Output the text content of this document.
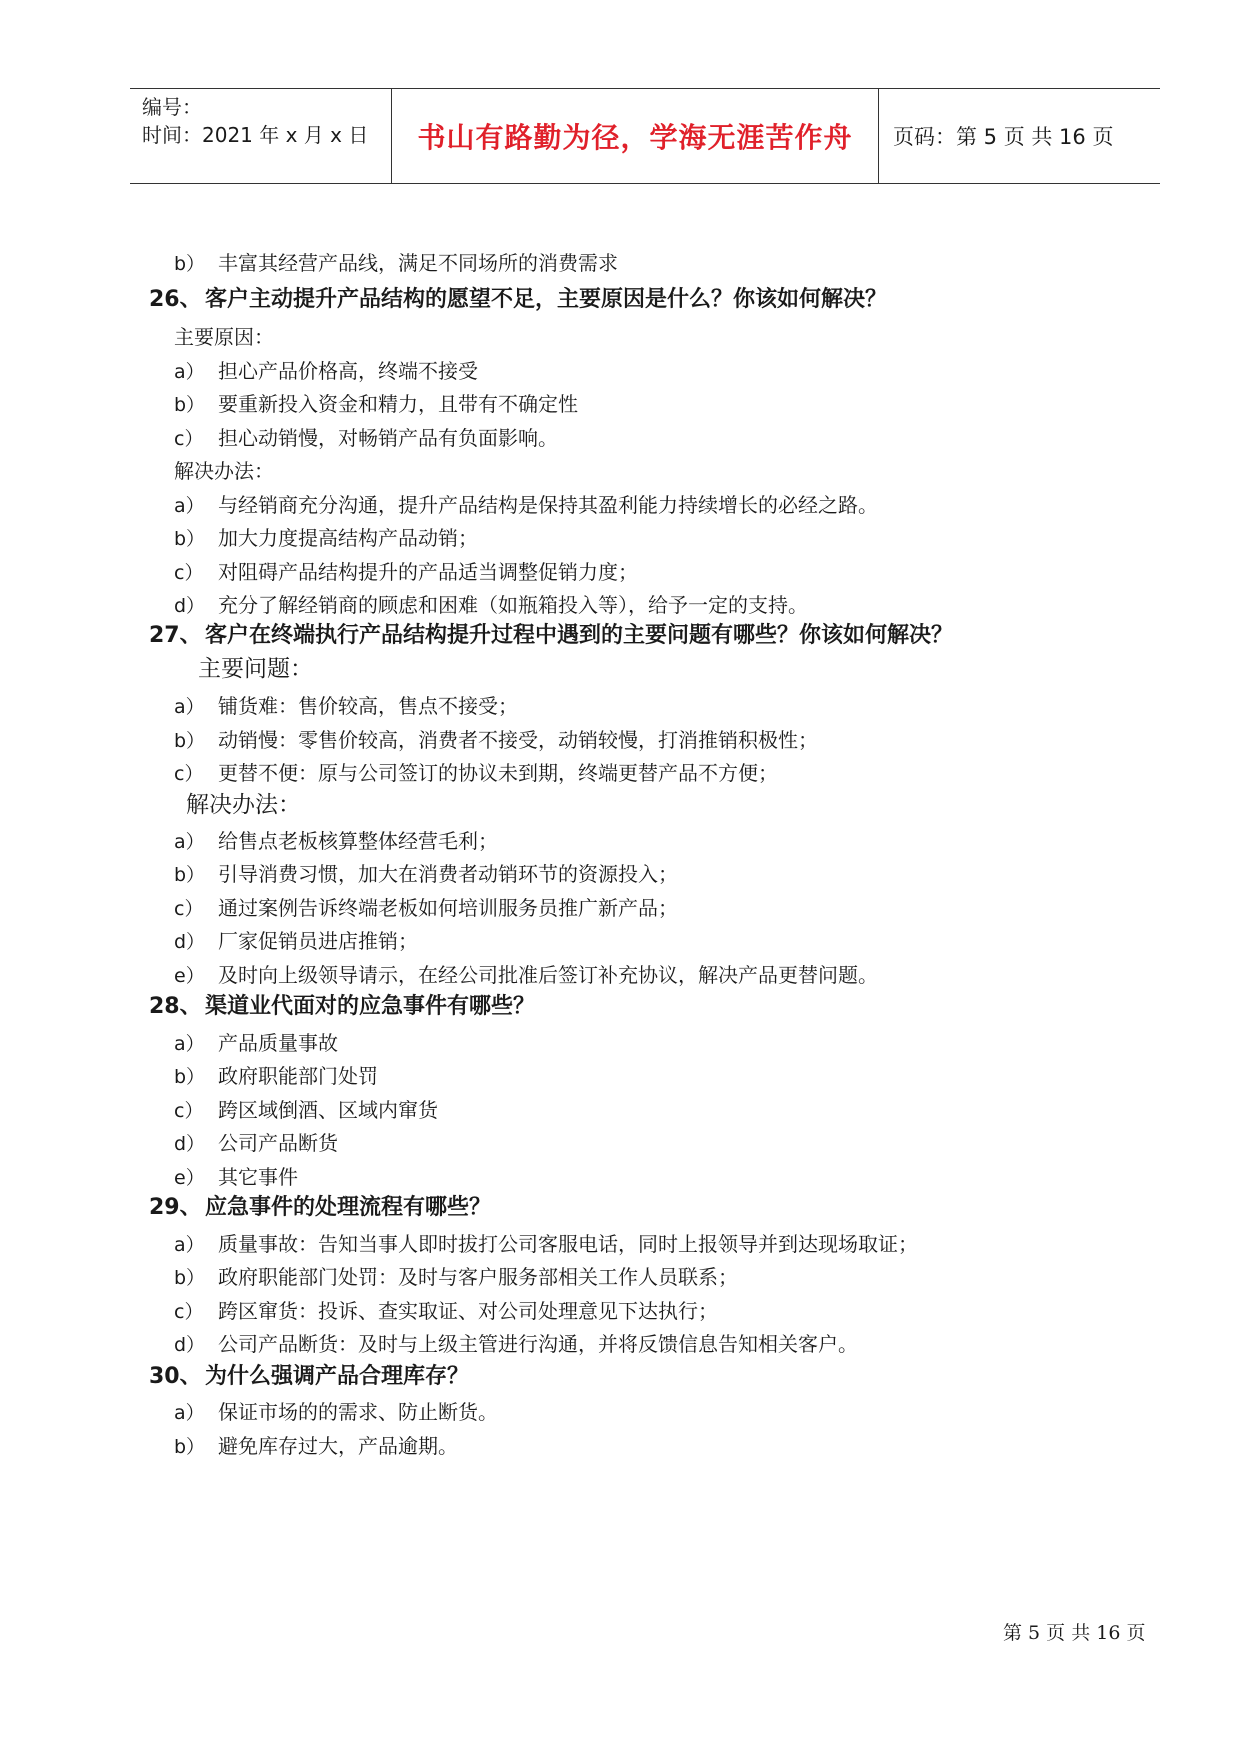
编号：
时间：2021 年 x 月 x 日	书山有路勤为径，学海无涯苦作舟	页码：第 5 页 共 16 页
b） 丰富其经营产品线，满足不同场所的消费需求
26、 客户主动提升产品结构的愿望不足，主要原因是什么？你该如何解决？
主要原因：
a） 担心产品价格高，终端不接受
b） 要重新投入资金和精力，且带有不确定性
c） 担心动销慢，对畅销产品有负面影响。
解决办法：
a） 与经销商充分沟通，提升产品结构是保持其盈利能力持续增长的必经之路。
b） 加大力度提高结构产品动销；
c） 对阻碍产品结构提升的产品适当调整促销力度；
d） 充分了解经销商的顾虑和困难（如瓶箱投入等），给予一定的支持。
27、 客户在终端执行产品结构提升过程中遇到的主要问题有哪些？你该如何解决？
主要问题：
a） 铺货难：售价较高，售点不接受；
b） 动销慢：零售价较高，消费者不接受，动销较慢，打消推销积极性；
c） 更替不便：原与公司签订的协议未到期，终端更替产品不方便；
解决办法：
a） 给售点老板核算整体经营毛利；
b） 引导消费习惯，加大在消费者动销环节的资源投入；
c） 通过案例告诉终端老板如何培训服务员推广新产品；
d） 厂家促销员进店推销；
e） 及时向上级领导请示，在经公司批准后签订补充协议，解决产品更替问题。
28、 渠道业代面对的应急事件有哪些？
a） 产品质量事故
b） 政府职能部门处罚
c） 跨区域倒酒、区域内窜货
d） 公司产品断货
e） 其它事件
29、 应急事件的处理流程有哪些？
a） 质量事故：告知当事人即时拔打公司客服电话，同时上报领导并到达现场取证；
b） 政府职能部门处罚：及时与客户服务部相关工作人员联系；
c） 跨区窜货：投诉、查实取证、对公司处理意见下达执行；
d） 公司产品断货：及时与上级主管进行沟通，并将反馈信息告知相关客户。
30、 为什么强调产品合理库存？
a） 保证市场的的需求、防止断货。
b） 避免库存过大，产品逾期。
第 5 页 共 16 页
